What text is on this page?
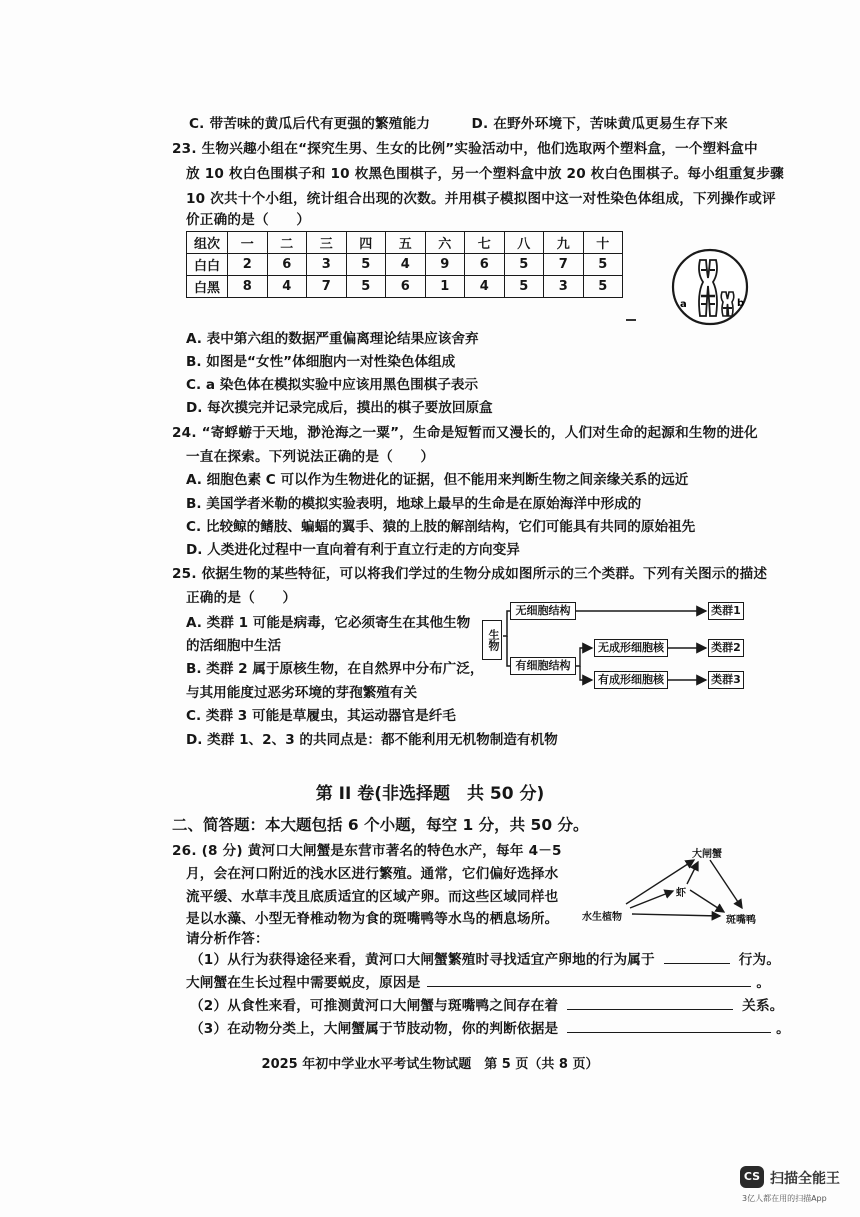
C. 带苦味的黄瓜后代有更强的繁殖能力　　　D. 在野外环境下，苦味黄瓜更易生存下来
23. 生物兴趣小组在“探究生男、生女的比例”实验活动中，他们选取两个塑料盒，一个塑料盒中
放 10 枚白色围棋子和 10 枚黑色围棋子，另一个塑料盒中放 20 枚白色围棋子。每小组重复步骤
10 次共十个小组，统计组合出现的次数。并用棋子模拟图中这一对性染色体组成，下列操作或评
价正确的是（　　）
组次	一	二	三	四	五	六	七	八	九	十
白白	2	6	3	5	4	9	6	5	7	5
白黑	8	4	7	5	6	1	4	5	3	5
a	b
A. 表中第六组的数据严重偏离理论结果应该舍弃
B. 如图是“女性”体细胞内一对性染色体组成
C. a 染色体在模拟实验中应该用黑色围棋子表示
D. 每次摸完并记录完成后，摸出的棋子要放回原盒
24. “寄蜉蝣于天地，渺沧海之一粟”，生命是短暂而又漫长的，人们对生命的起源和生物的进化
一直在探索。下列说法正确的是（　　）
A. 细胞色素 C 可以作为生物进化的证据，但不能用来判断生物之间亲缘关系的远近
B. 美国学者米勒的模拟实验表明，地球上最早的生命是在原始海洋中形成的
C. 比较鲸的鳍肢、蝙蝠的翼手、猿的上肢的解剖结构，它们可能具有共同的原始祖先
D. 人类进化过程中一直向着有利于直立行走的方向变异
25. 依据生物的某些特征，可以将我们学过的生物分成如图所示的三个类群。下列有关图示的描述
正确的是（　　）
A. 类群 1 可能是病毒，它必须寄生在其他生物
的活细胞中生活
B. 类群 2 属于原核生物，在自然界中分布广泛，
与其用能度过恶劣环境的芽孢繁殖有关
C. 类群 3 可能是草履虫，其运动器官是纤毛
D. 类群 1、2、3 的共同点是：都不能利用无机物制造有机物
生物
无细胞结构
有细胞结构
无成形细胞核
有成形细胞核
类群1
类群2
类群3
第 II 卷(非选择题　共 50 分)
二、简答题：本大题包括 6 个小题，每空 1 分，共 50 分。
26. (8 分) 黄河口大闸蟹是东营市著名的特色水产，每年 4－5
月，会在河口附近的浅水区进行繁殖。通常，它们偏好选择水
流平缓、水草丰茂且底质适宜的区域产卵。而这些区域同样也
是以水藻、小型无脊椎动物为食的斑嘴鸭等水鸟的栖息场所。
请分析作答：
大闸蟹
虾
水生植物	斑嘴鸭
（1）从行为获得途径来看，黄河口大闸蟹繁殖时寻找适宜产卵地的行为属于	行为。
大闸蟹在生长过程中需要蜕皮，原因是	。
（2）从食性来看，可推测黄河口大闸蟹与斑嘴鸭之间存在着	关系。
（3）在动物分类上，大闸蟹属于节肢动物，你的判断依据是	。
2025 年初中学业水平考试生物试题　第 5 页（共 8 页）
CS 扫描全能王
3亿人都在用的扫描App
